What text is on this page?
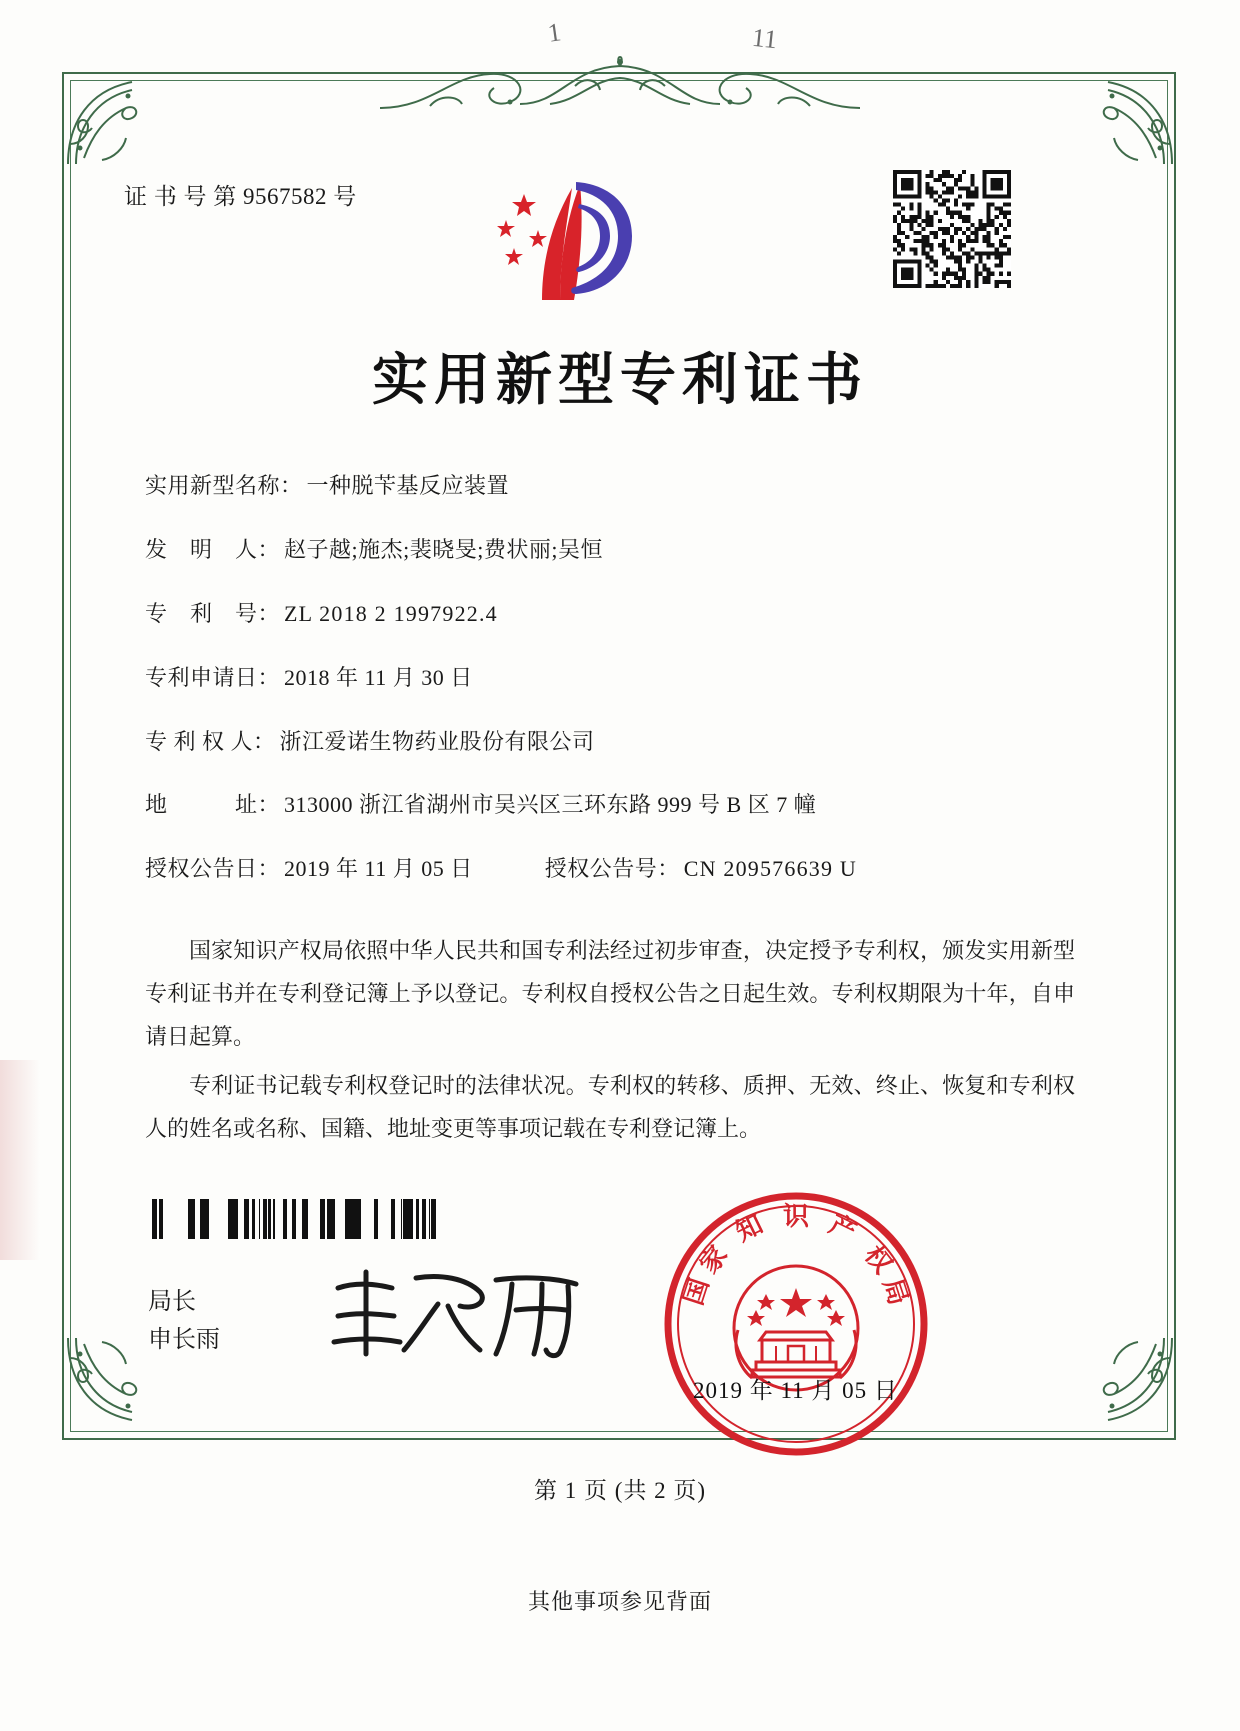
1	11
证 书 号 第 9567582 号
实用新型专利证书
实用新型名称： 一种脱苄基反应装置
发　明　人： 赵子越;施杰;裴晓旻;费状丽;吴恒
专　利　号： ZL 2018 2 1997922.4
专利申请日： 2018 年 11 月 30 日
专 利 权 人： 浙江爱诺生物药业股份有限公司
地　　　址： 313000 浙江省湖州市吴兴区三环东路 999 号 B 区 7 幢
授权公告日： 2019 年 11 月 05 日	授权公告号： CN 209576639 U

国家知识产权局依照中华人民共和国专利法经过初步审查，决定授予专利权，颁发实用新型专利证书并在专利登记簿上予以登记。专利权自授权公告之日起生效。专利权期限为十年，自申请日起算。

专利证书记载专利权登记时的法律状况。专利权的转移、质押、无效、终止、恢复和专利权人的姓名或名称、国籍、地址变更等事项记载在专利登记簿上。

局长
申长雨
国
家
知 识 产
权
局
2019 年 11 月 05 日
第 1 页 (共 2 页)
其他事项参见背面
